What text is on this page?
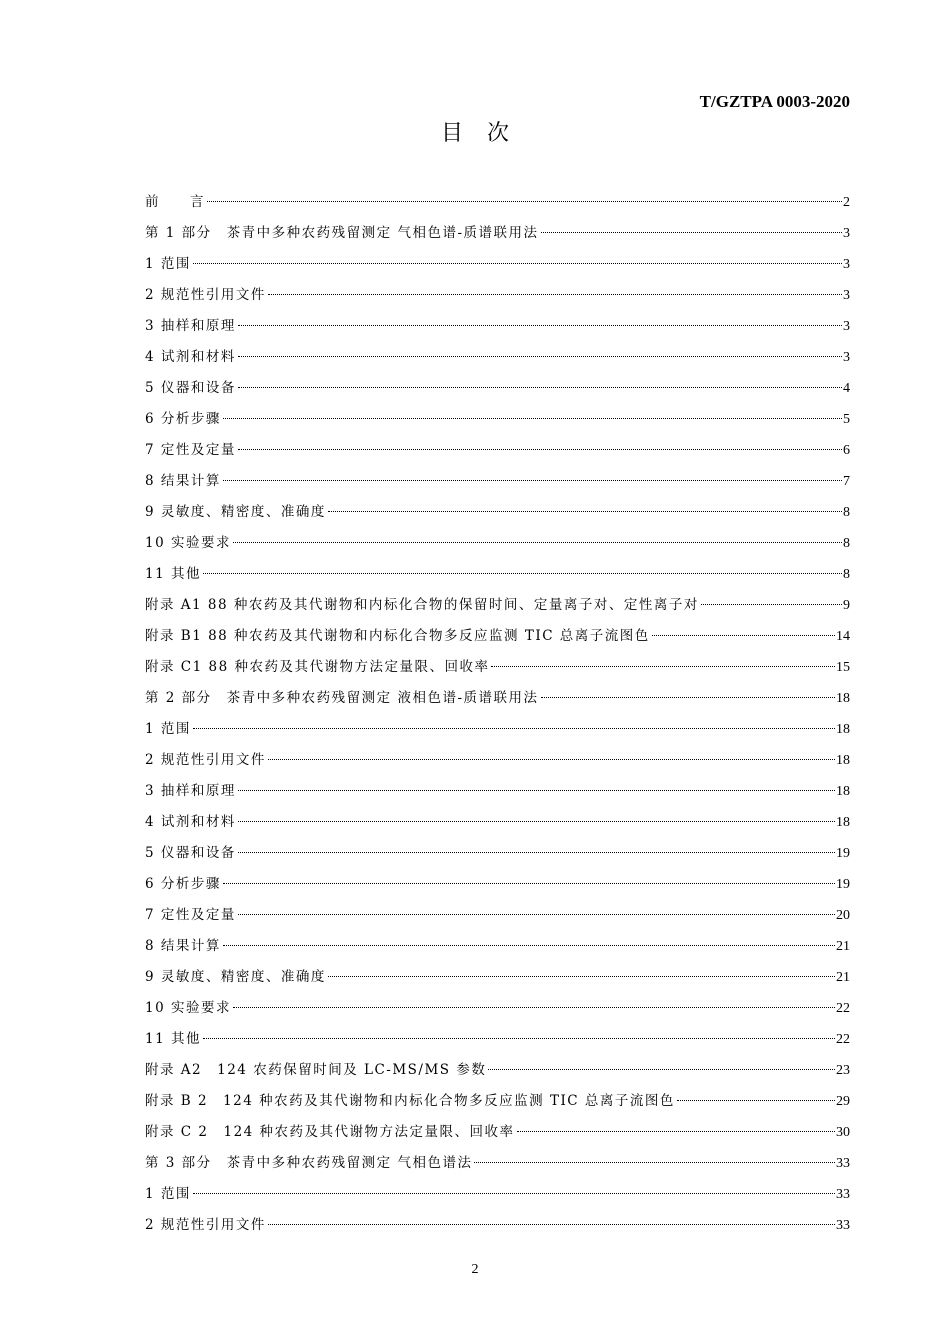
T/GZTPA 0003-2020
目次
前　　言	2
第 1 部分　茶青中多种农药残留测定 气相色谱-质谱联用法	3
1 范围	3
2 规范性引用文件	3
3 抽样和原理	3
4 试剂和材料	3
5 仪器和设备	4
6 分析步骤	5
7 定性及定量	6
8 结果计算	7
9 灵敏度、精密度、准确度	8
10 实验要求	8
11 其他	8
附录 A1 88 种农药及其代谢物和内标化合物的保留时间、定量离子对、定性离子对	9
附录 B1 88 种农药及其代谢物和内标化合物多反应监测 TIC 总离子流图色	14
附录 C1 88 种农药及其代谢物方法定量限、回收率	15
第 2 部分　茶青中多种农药残留测定 液相色谱-质谱联用法	18
1 范围	18
2 规范性引用文件	18
3 抽样和原理	18
4 试剂和材料	18
5 仪器和设备	19
6 分析步骤	19
7 定性及定量	20
8 结果计算	21
9 灵敏度、精密度、准确度	21
10 实验要求	22
11 其他	22
附录 A2　124 农药保留时间及 LC-MS/MS 参数	23
附录 B 2　124 种农药及其代谢物和内标化合物多反应监测 TIC 总离子流图色	29
附录 C 2　124 种农药及其代谢物方法定量限、回收率	30
第 3 部分　茶青中多种农药残留测定 气相色谱法	33
1 范围	33
2 规范性引用文件	33
2
